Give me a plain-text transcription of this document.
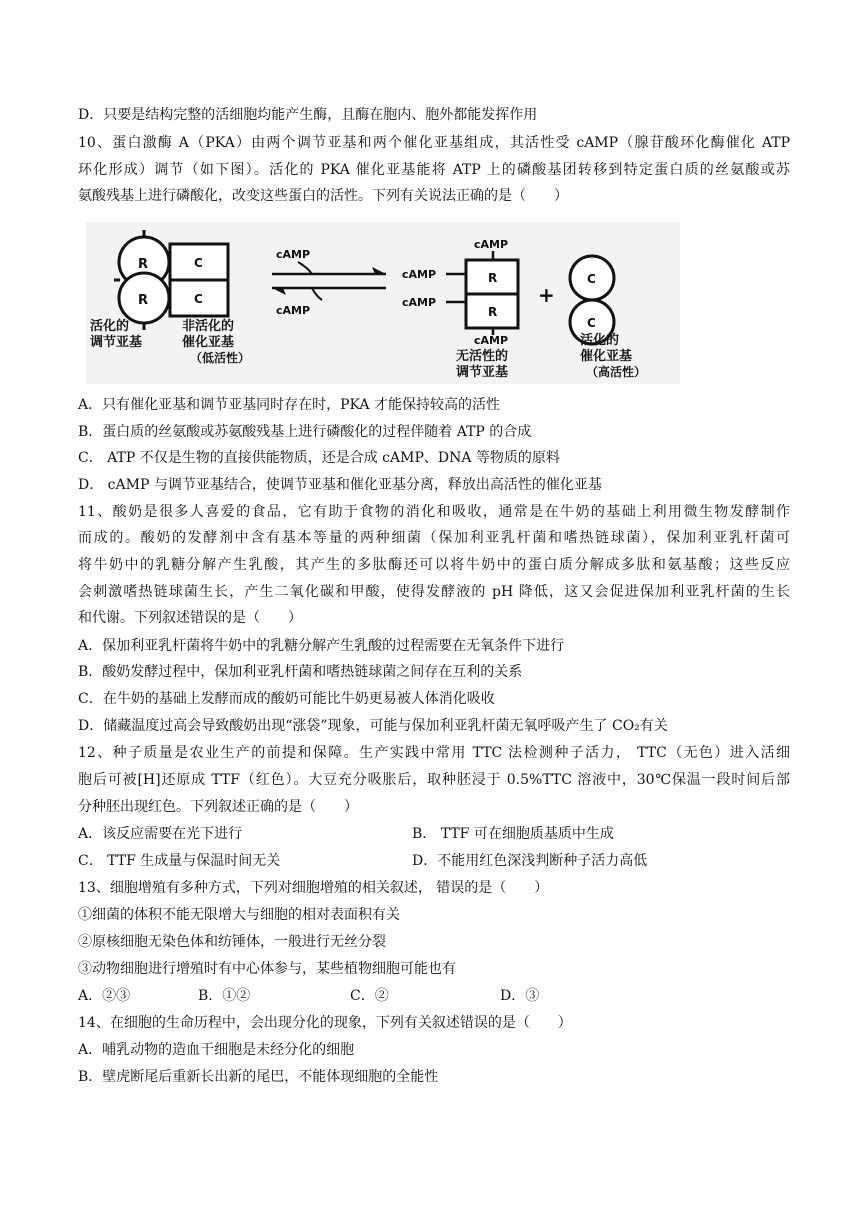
D．只要是结构完整的活细胞均能产生酶，且酶在胞内、胞外都能发挥作用
10、蛋白激酶 A（PKA）由两个调节亚基和两个催化亚基组成，其活性受 cAMP（腺苷酸环化酶催化 ATP
环化形成）调节（如下图）。活化的 PKA 催化亚基能将 ATP 上的磷酸基团转移到特定蛋白质的丝氨酸或苏
氨酸残基上进行磷酸化，改变这些蛋白的活性。下列有关说法正确的是（　　）
R
R
C
C
活化的
调节亚基
非活化的
催化亚基
（低活性）
cAMP
cAMP
cAMP
cAMP	R
R
cAMP
cAMP
无活性的
调节亚基
+
C
C
活化的
催化亚基
（高活性）
A．只有催化亚基和调节亚基同时存在时，PKA 才能保持较高的活性
B．蛋白质的丝氨酸或苏氨酸残基上进行磷酸化的过程伴随着 ATP 的合成
C． ATP 不仅是生物的直接供能物质，还是合成 cAMP、DNA 等物质的原料
D． cAMP 与调节亚基结合，使调节亚基和催化亚基分离，释放出高活性的催化亚基
11、酸奶是很多人喜爱的食品，它有助于食物的消化和吸收，通常是在牛奶的基础上利用微生物发酵制作
而成的。酸奶的发酵剂中含有基本等量的两种细菌（保加利亚乳杆菌和嗜热链球菌），保加利亚乳杆菌可
将牛奶中的乳糖分解产生乳酸，其产生的多肽酶还可以将牛奶中的蛋白质分解成多肽和氨基酸；这些反应
会刺激嗜热链球菌生长，产生二氧化碳和甲酸，使得发酵液的 pH 降低，这又会促进保加利亚乳杆菌的生长
和代谢。下列叙述错误的是（　　）
A．保加利亚乳杆菌将牛奶中的乳糖分解产生乳酸的过程需要在无氧条件下进行
B．酸奶发酵过程中，保加利亚乳杆菌和嗜热链球菌之间存在互利的关系
C．在牛奶的基础上发酵而成的酸奶可能比牛奶更易被人体消化吸收
D．储藏温度过高会导致酸奶出现“涨袋”现象，可能与保加利亚乳杆菌无氧呼吸产生了 CO₂有关
12、种子质量是农业生产的前提和保障。生产实践中常用 TTC 法检测种子活力， TTC（无色）进入活细
胞后可被[H]还原成 TTF（红色）。大豆充分吸胀后，取种胚浸于 0.5%TTC 溶液中，30℃保温一段时间后部
分种胚出现红色。下列叙述正确的是（　　）
A．该反应需要在光下进行	B． TTF 可在细胞质基质中生成
C． TTF 生成量与保温时间无关	D．不能用红色深浅判断种子活力高低
13、细胞增殖有多种方式，下列对细胞增殖的相关叙述， 错误的是（　　）
①细菌的体积不能无限增大与细胞的相对表面积有关
②原核细胞无染色体和纺锤体，一般进行无丝分裂
③动物细胞进行增殖时有中心体参与，某些植物细胞可能也有
A．②③	B．①②	C．②	D．③
14、在细胞的生命历程中，会出现分化的现象，下列有关叙述错误的是（　　）
A．哺乳动物的造血干细胞是未经分化的细胞
B．壁虎断尾后重新长出新的尾巴，不能体现细胞的全能性
